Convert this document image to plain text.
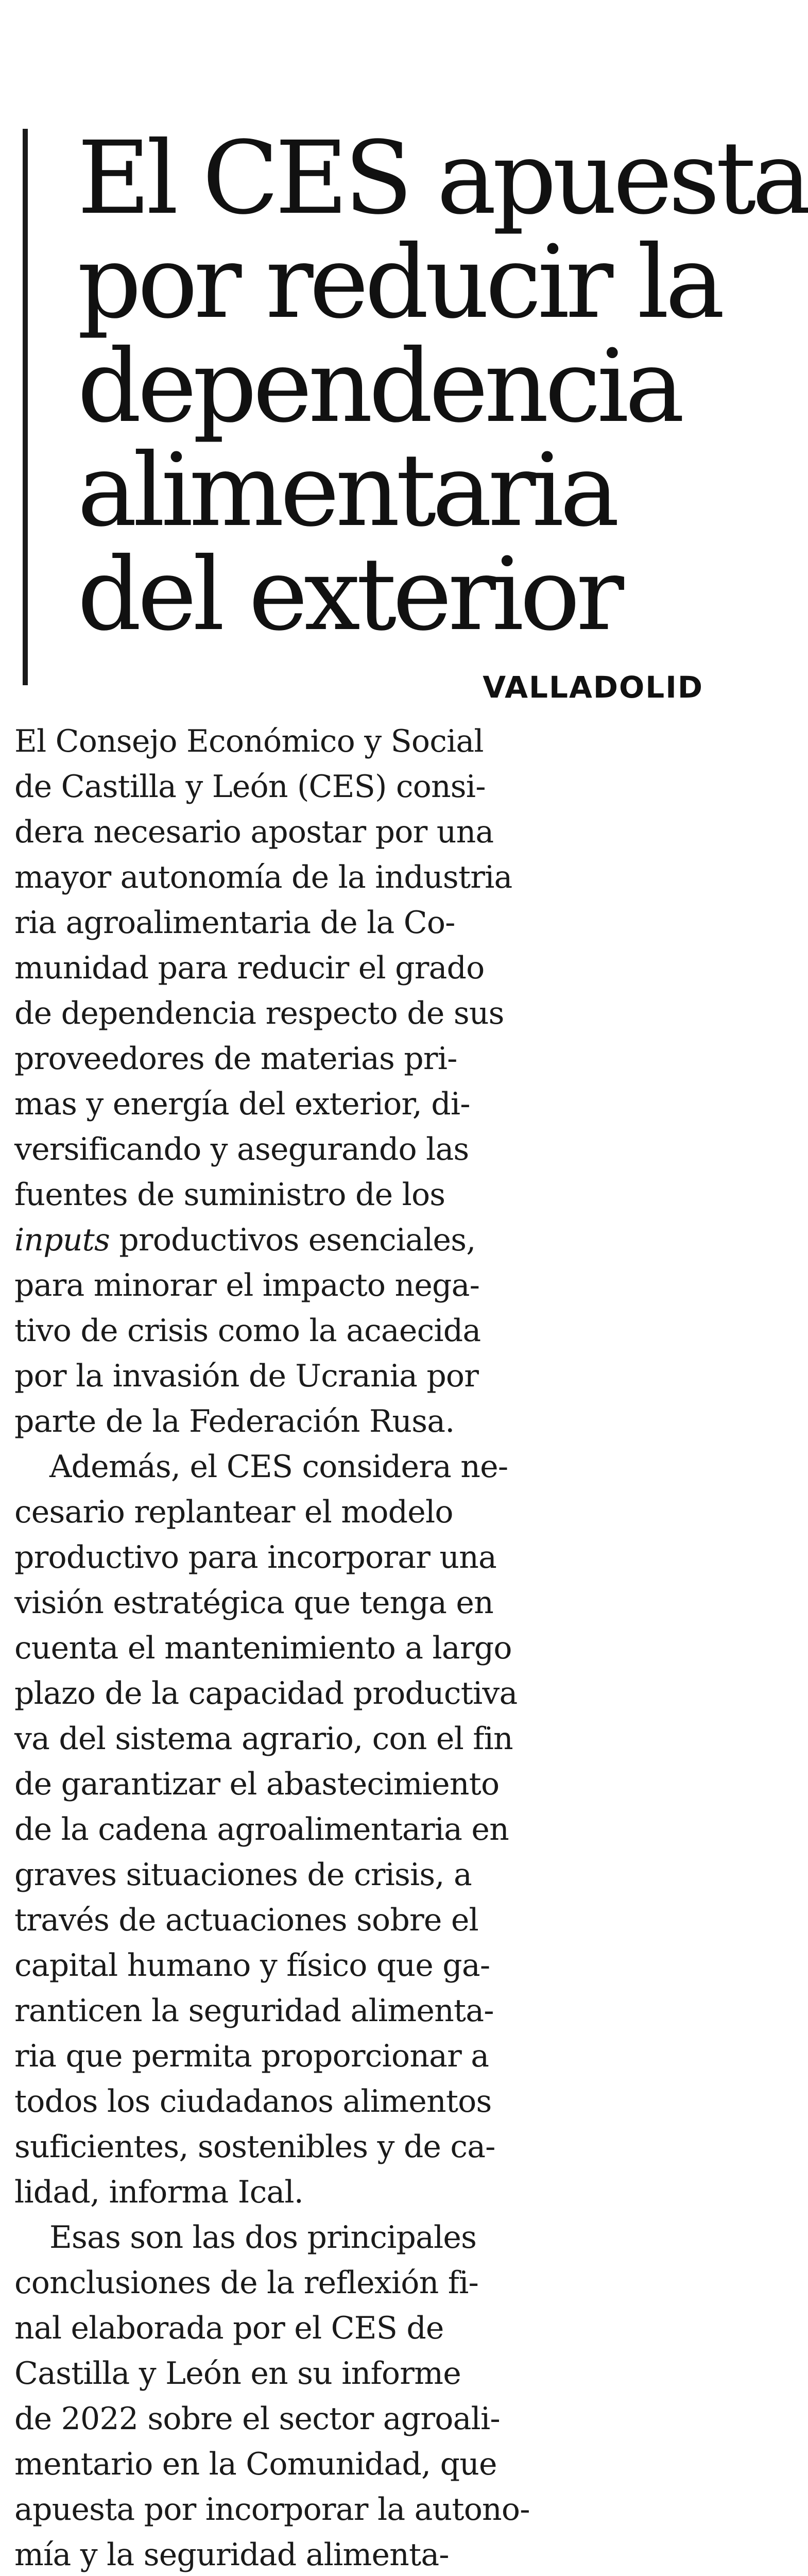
El CES apuesta
por reducir la
dependencia
alimentaria
del exterior
VALLADOLID

El Consejo Económico y Social
de Castilla y León (CES) consi-
dera necesario apostar por una
mayor autonomía de la industria
ria agroalimentaria de la Co-
munidad para reducir el grado
de dependencia respecto de sus
proveedores de materias pri-
mas y energía del exterior, di-
versificando y asegurando las
fuentes de suministro de los
inputs productivos esenciales,
para minorar el impacto nega-
tivo de crisis como la acaecida
por la invasión de Ucrania por
parte de la Federación Rusa.

Además, el CES considera ne-
cesario replantear el modelo
productivo para incorporar una
visión estratégica que tenga en
cuenta el mantenimiento a largo
plazo de la capacidad productiva
va del sistema agrario, con el fin
de garantizar el abastecimiento
de la cadena agroalimentaria en
graves situaciones de crisis, a
través de actuaciones sobre el
capital humano y físico que ga-
ranticen la seguridad alimenta-
ria que permita proporcionar a
todos los ciudadanos alimentos
suficientes, sostenibles y de ca-
lidad, informa Ical.

Esas son las dos principales
conclusiones de la reflexión fi-
nal elaborada por el CES de
Castilla y León en su informe
de 2022 sobre el sector agroali-
mentario en la Comunidad, que
apuesta por incorporar la autono-
mía y la seguridad alimenta-
